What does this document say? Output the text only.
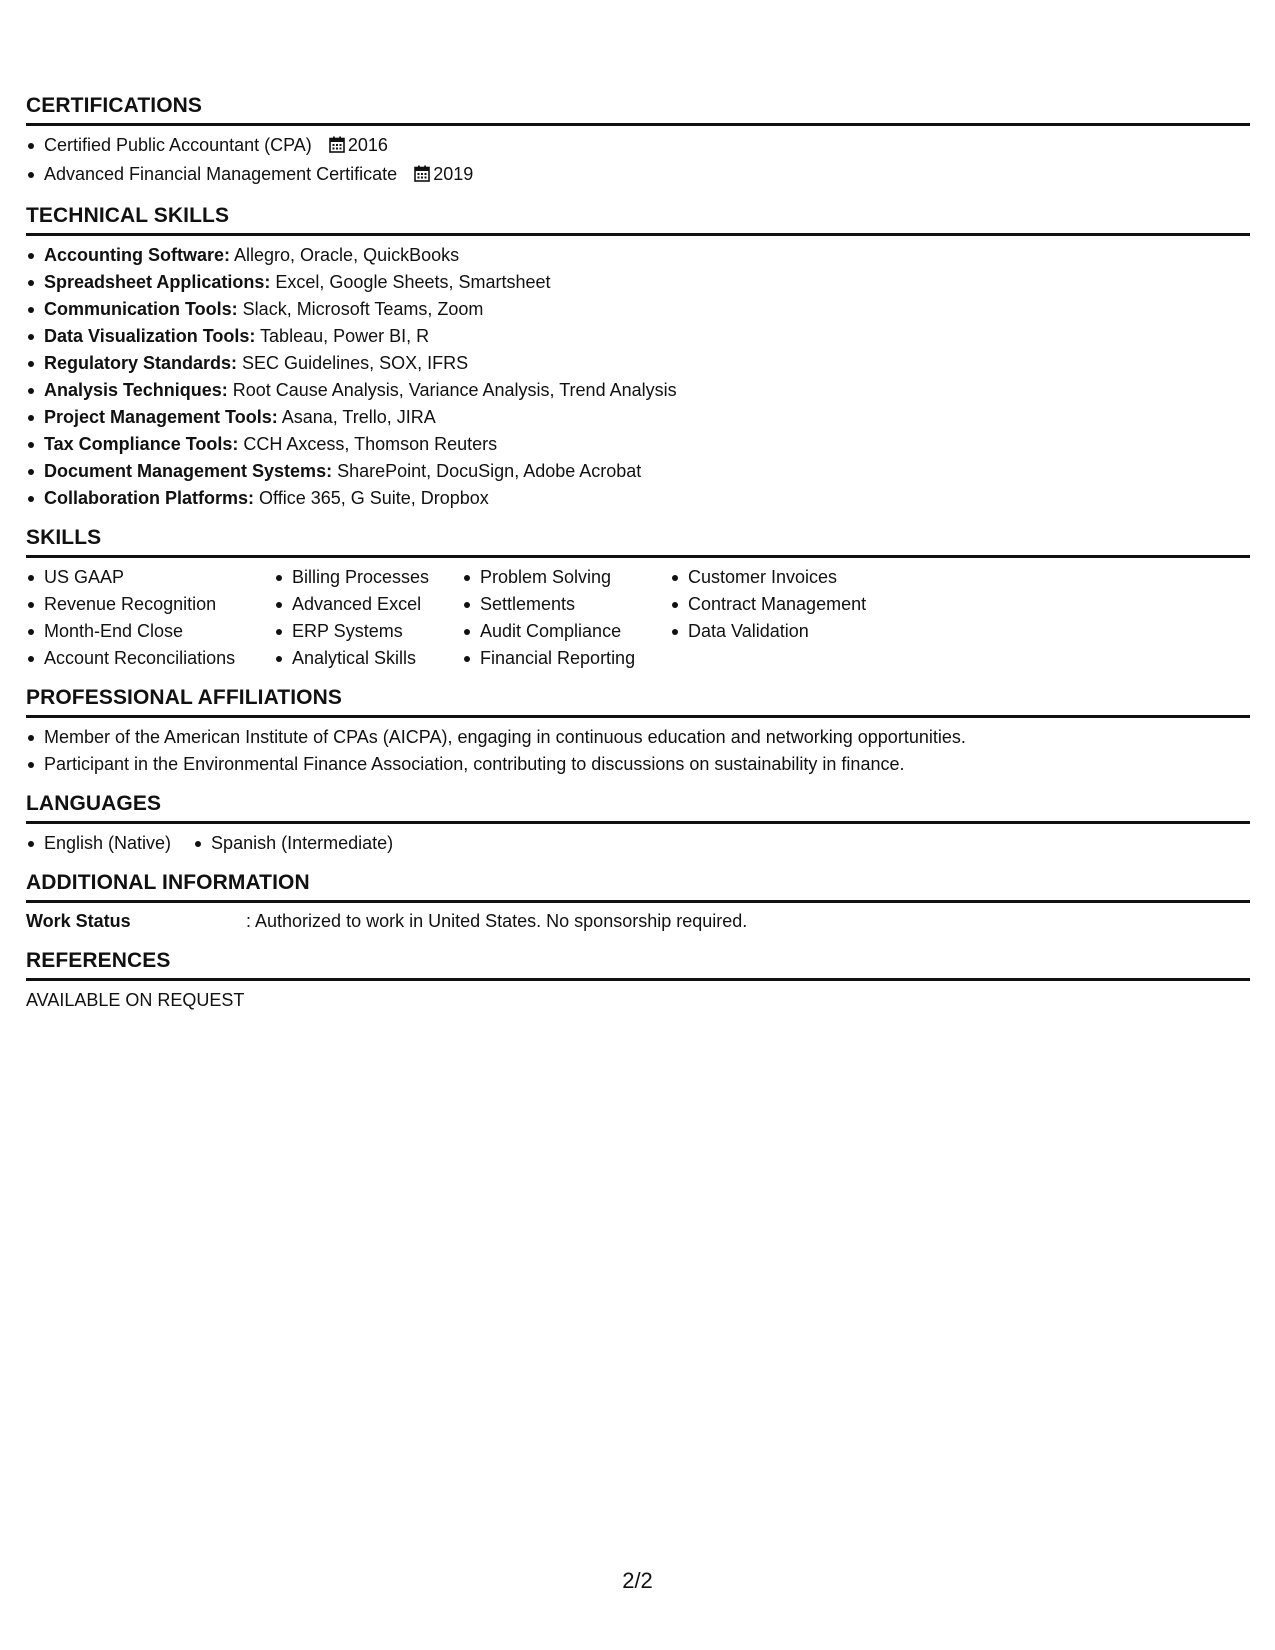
CERTIFICATIONS
Certified Public Accountant (CPA) 2016
Advanced Financial Management Certificate 2019
TECHNICAL SKILLS
Accounting Software: Allegro, Oracle, QuickBooks
Spreadsheet Applications: Excel, Google Sheets, Smartsheet
Communication Tools: Slack, Microsoft Teams, Zoom
Data Visualization Tools: Tableau, Power BI, R
Regulatory Standards: SEC Guidelines, SOX, IFRS
Analysis Techniques: Root Cause Analysis, Variance Analysis, Trend Analysis
Project Management Tools: Asana, Trello, JIRA
Tax Compliance Tools: CCH Axcess, Thomson Reuters
Document Management Systems: SharePoint, DocuSign, Adobe Acrobat
Collaboration Platforms: Office 365, G Suite, Dropbox
SKILLS
US GAAP
Revenue Recognition
Month-End Close
Account Reconciliations
Billing Processes
Advanced Excel
ERP Systems
Analytical Skills
Problem Solving
Settlements
Audit Compliance
Financial Reporting
Customer Invoices
Contract Management
Data Validation
PROFESSIONAL AFFILIATIONS
Member of the American Institute of CPAs (AICPA), engaging in continuous education and networking opportunities.
Participant in the Environmental Finance Association, contributing to discussions on sustainability in finance.
LANGUAGES
English (Native) Spanish (Intermediate)
ADDITIONAL INFORMATION
Work Status	: Authorized to work in United States. No sponsorship required.
REFERENCES
AVAILABLE ON REQUEST
2/2
